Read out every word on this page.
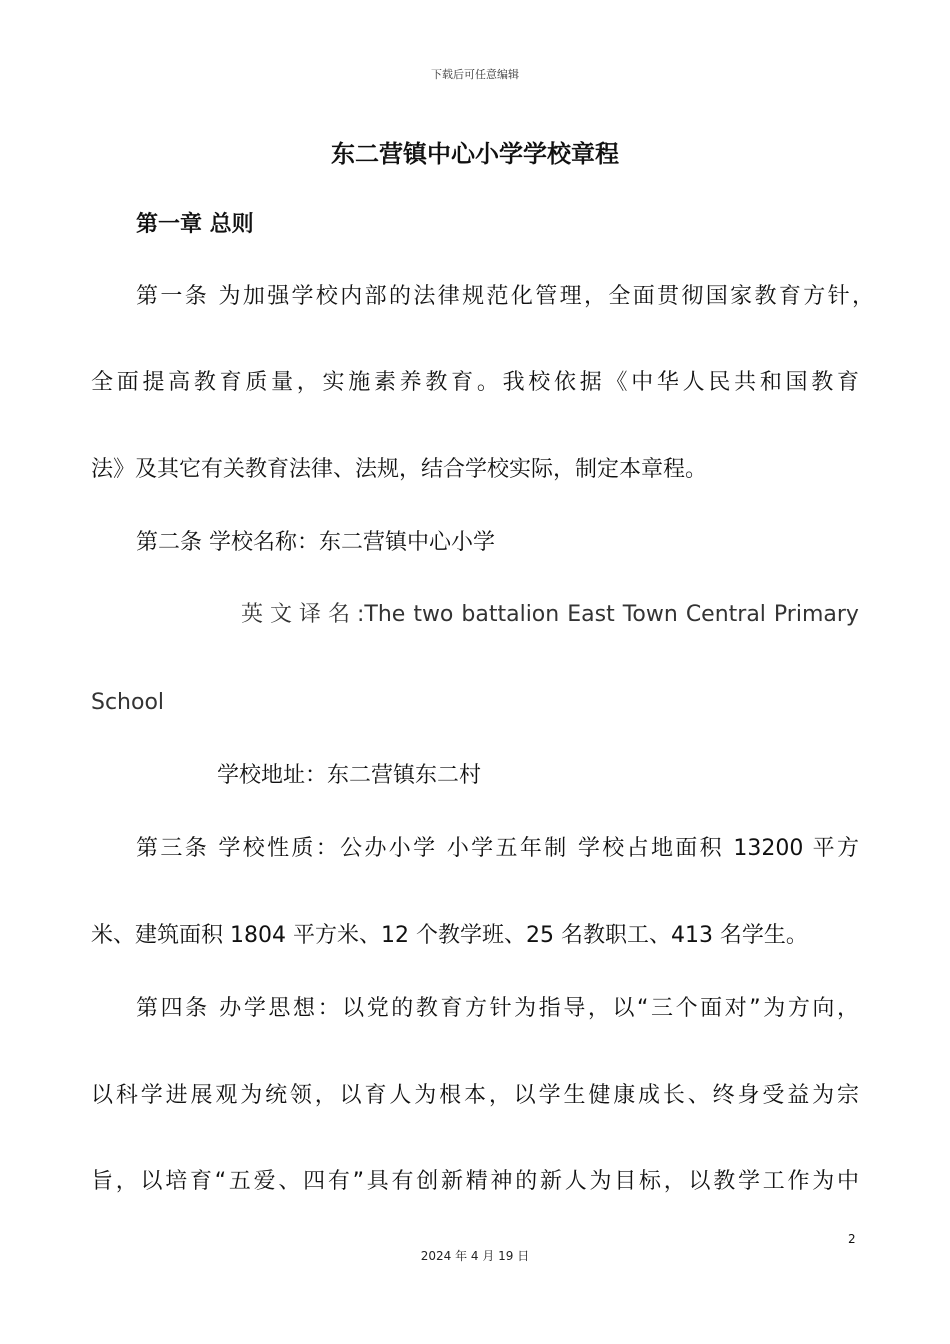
下载后可任意编辑
东二营镇中心小学学校章程
第一章 总则
第一条 为加强学校内部的法律规范化管理，全面贯彻国家教育方针，
全面提高教育质量，实施素养教育。我校依据《中华人民共和国教育
法》及其它有关教育法律、法规，结合学校实际，制定本章程。
第二条 学校名称：东二营镇中心小学
英 文 译 名 : The two battalion East Town Central Primary
School
学校地址：东二营镇东二村
第三条 学校性质：公办小学 小学五年制 学校占地面积 13200 平方
米、建筑面积 1804 平方米、12 个教学班、25 名教职工、413 名学生。
第四条 办学思想：以党的教育方针为指导，以“三个面对”为方向，
以科学进展观为统领，以育人为根本，以学生健康成长、终身受益为宗
旨，以培育“五爱、四有”具有创新精神的新人为目标，以教学工作为中
2
2024 年 4 月 19 日
